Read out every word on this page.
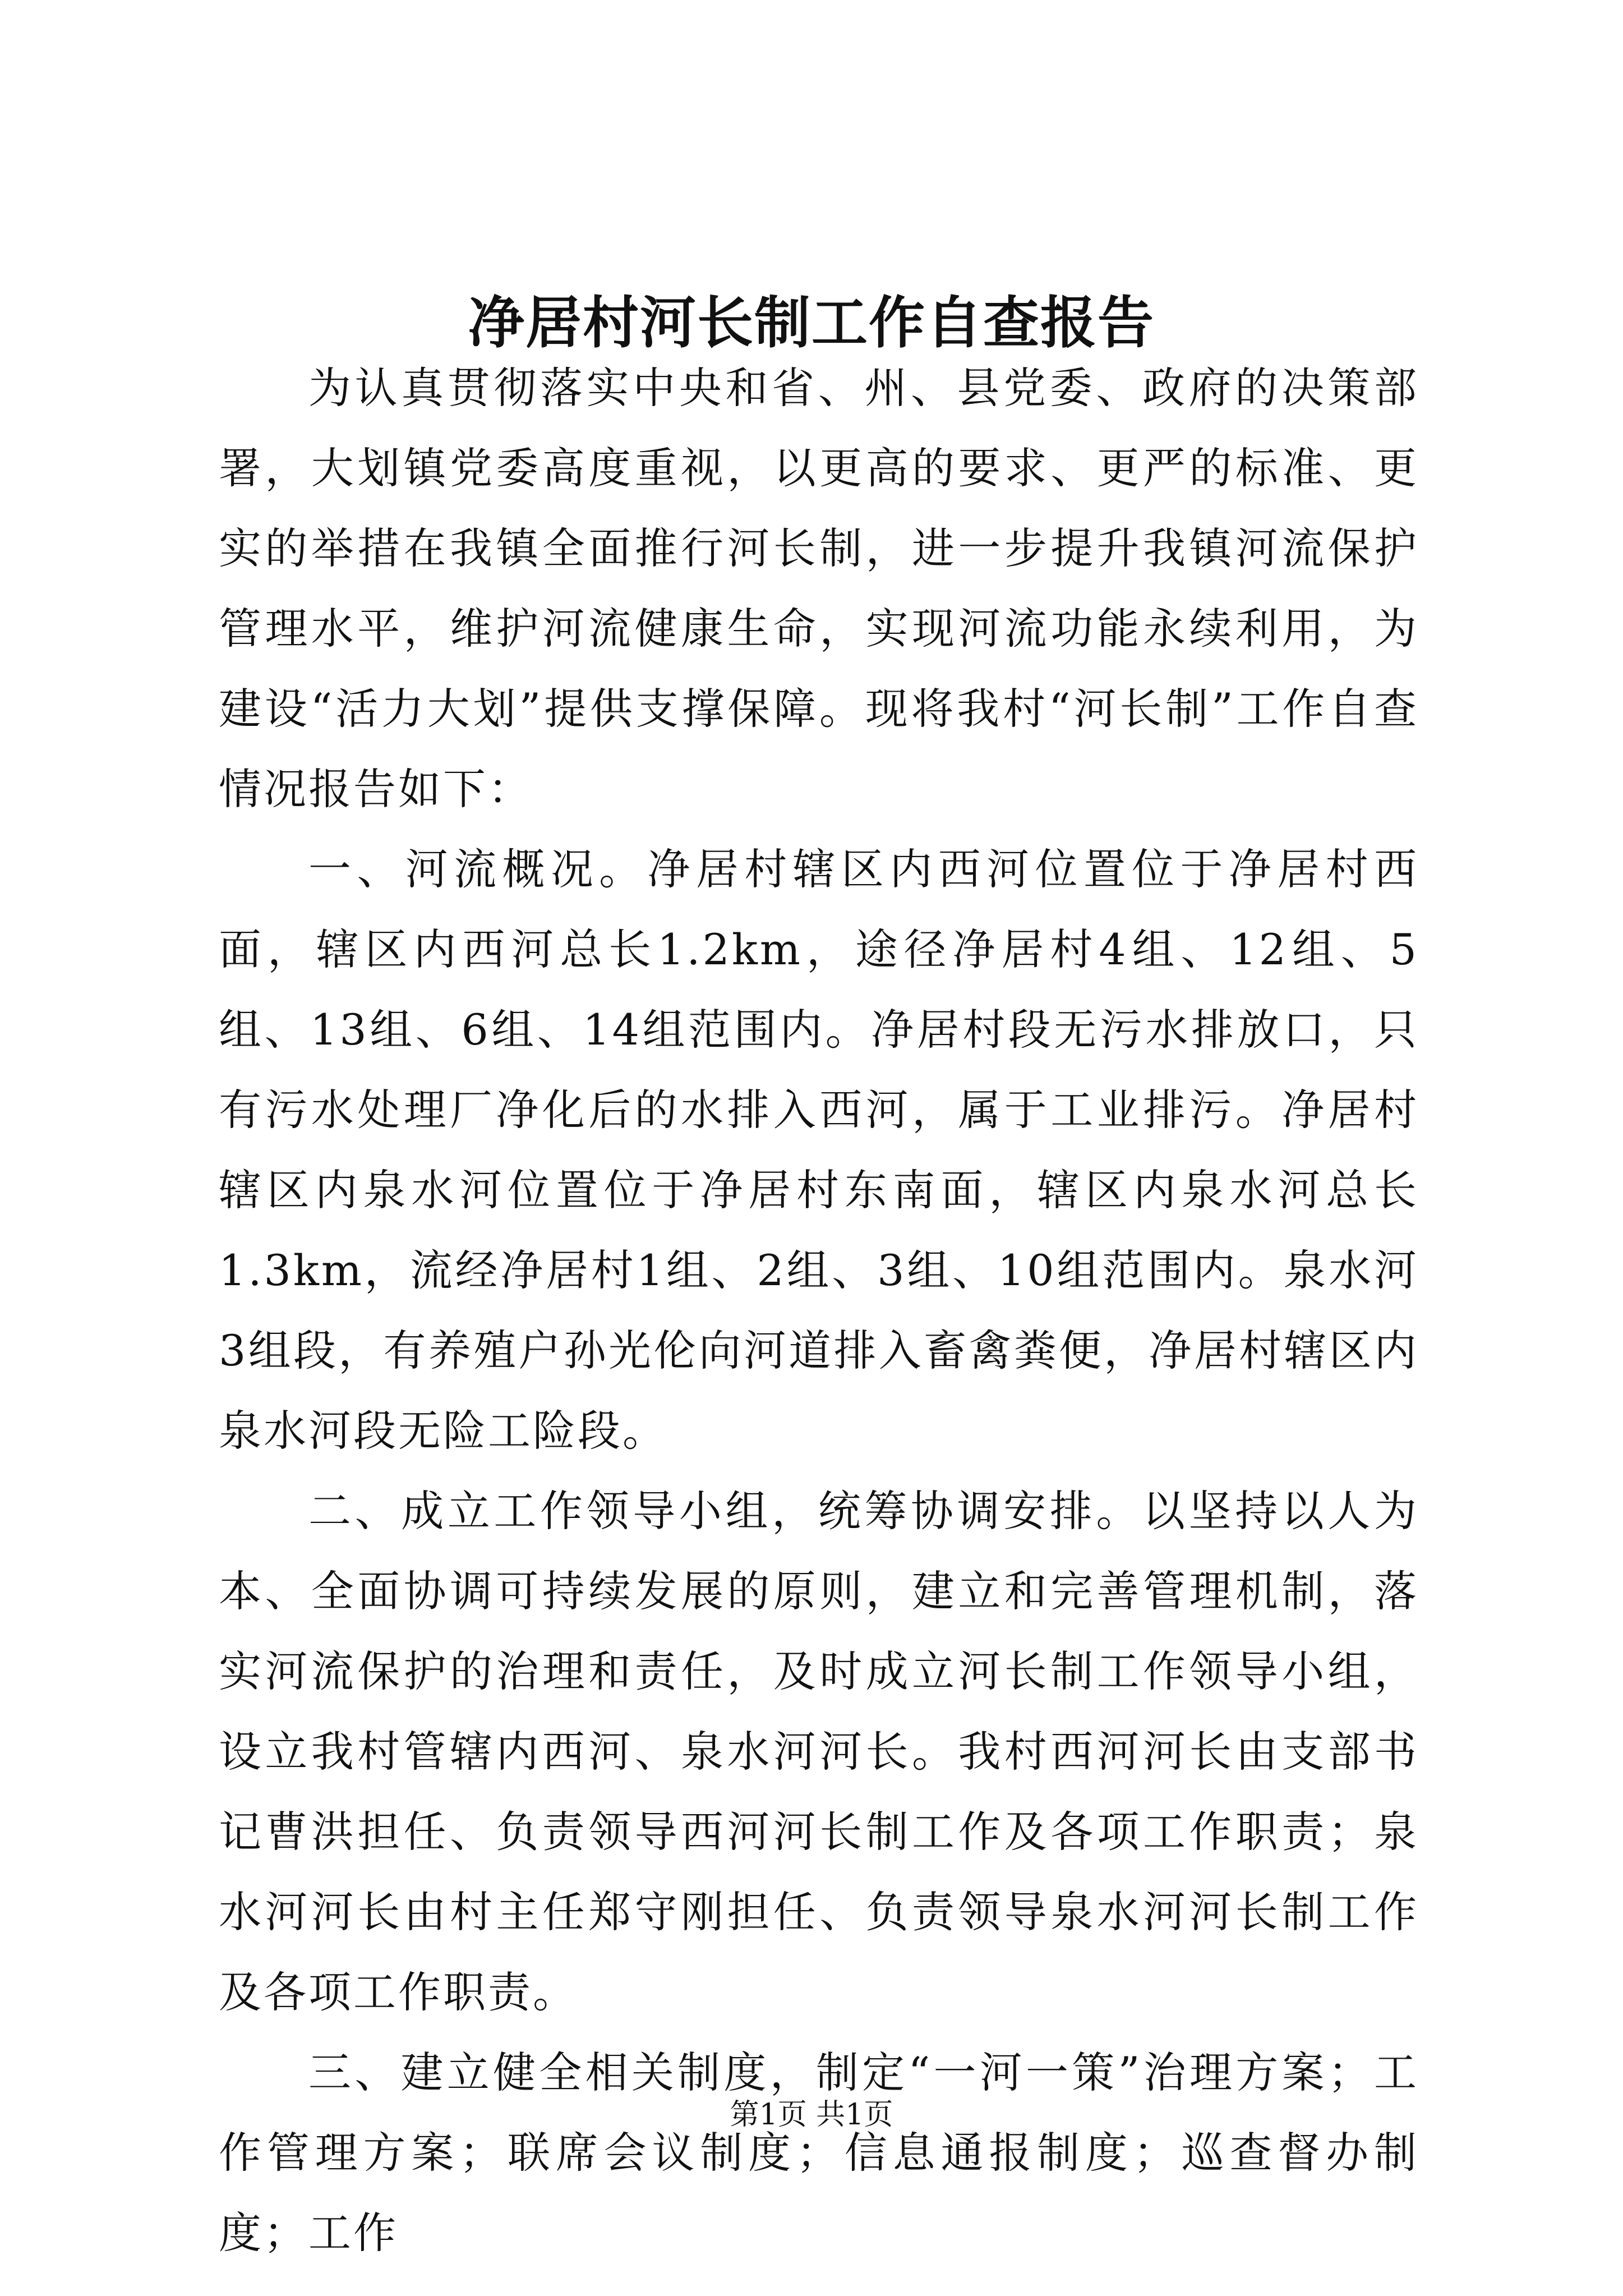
净居村河长制工作自查报告

为认真贯彻落实中央和省、州、县党委、政府的决策部署，大划镇党委高度重视，以更高的要求、更严的标准、更实的举措在我镇全面推行河长制，进一步提升我镇河流保护管理水平，维护河流健康生命，实现河流功能永续利用，为建设“活力大划”提供支撑保障。现将我村“河长制”工作自查情况报告如下：

一、河流概况。净居村辖区内西河位置位于净居村西面，辖区内西河总长1.2km，途径净居村4组、12组、5组、13组、6组、14组范围内。净居村段无污水排放口，只有污水处理厂净化后的水排入西河，属于工业排污。净居村辖区内泉水河位置位于净居村东南面，辖区内泉水河总长1.3km，流经净居村1组、2组、3组、10组范围内。泉水河3组段，有养殖户孙光伦向河道排入畜禽粪便，净居村辖区内泉水河段无险工险段。

二、成立工作领导小组，统筹协调安排。以坚持以人为本、全面协调可持续发展的原则，建立和完善管理机制，落实河流保护的治理和责任，及时成立河长制工作领导小组，设立我村管辖内西河、泉水河河长。我村西河河长由支部书记曹洪担任、负责领导西河河长制工作及各项工作职责；泉水河河长由村主任郑守刚担任、负责领导泉水河河长制工作及各项工作职责。

三、建立健全相关制度，制定“一河一策”治理方案；工作管理方案；联席会议制度；信息通报制度；巡查督办制度；工作

第1页 共1页
